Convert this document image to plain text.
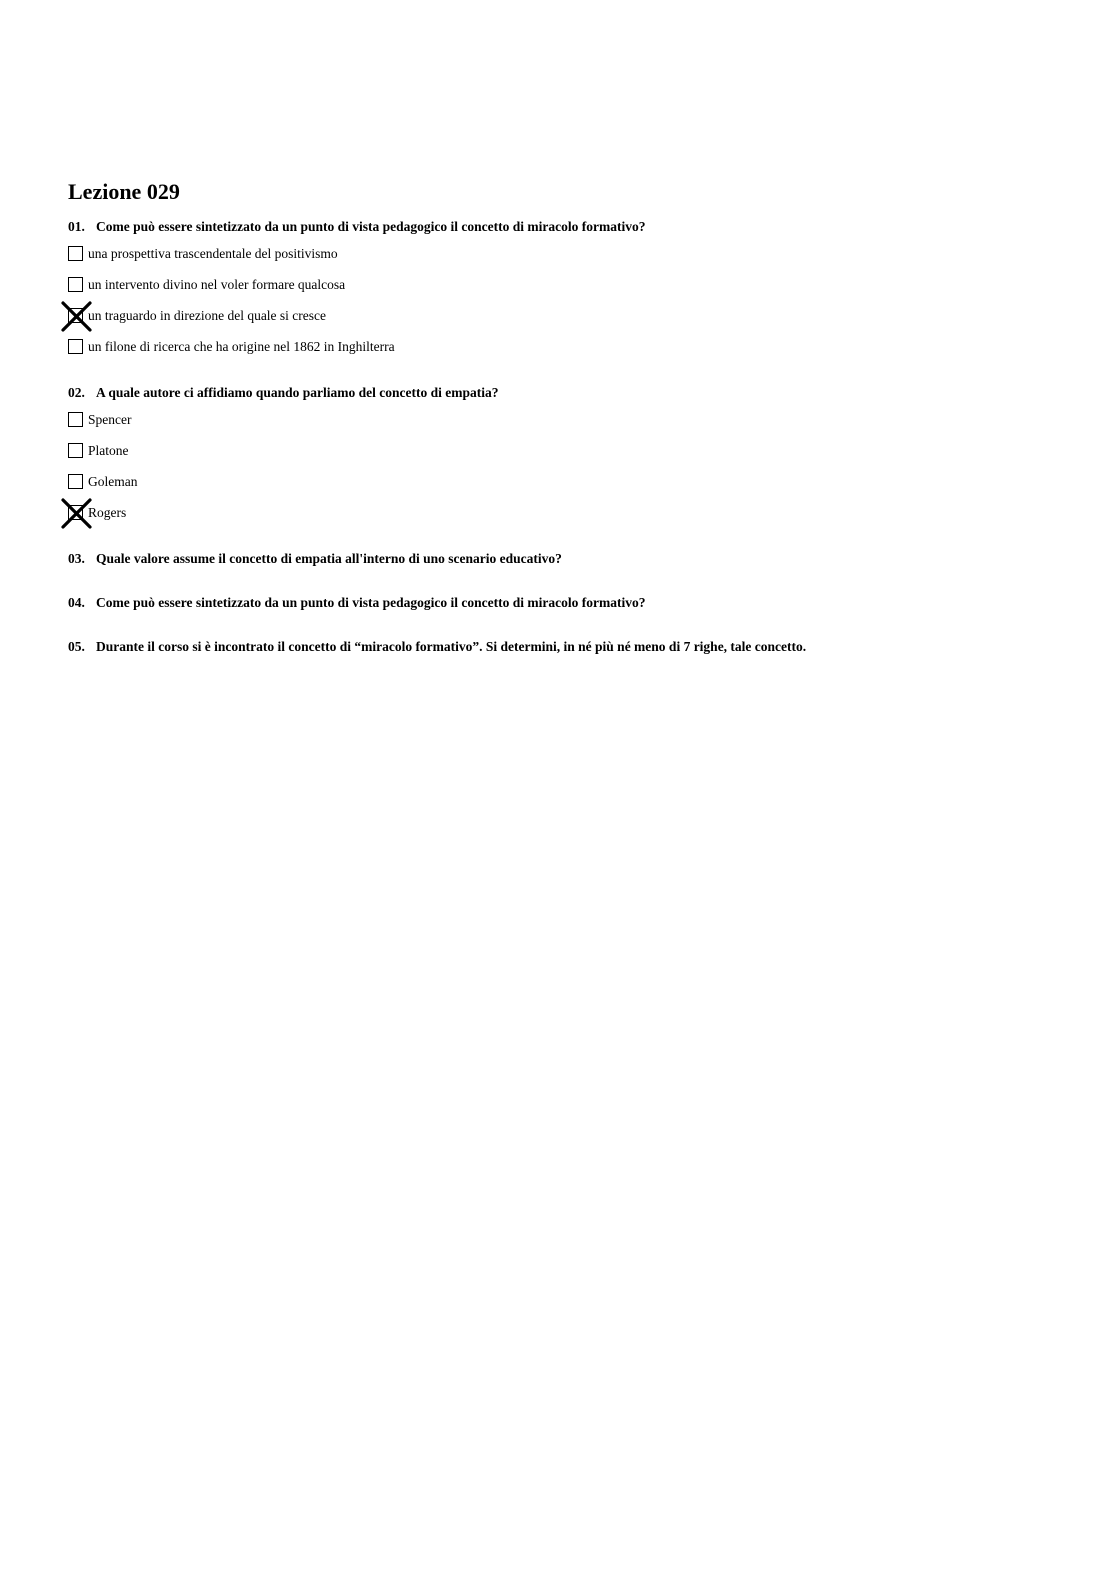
Lezione 029
01. Come può essere sintetizzato da un punto di vista pedagogico il concetto di miracolo formativo?
una prospettiva trascendentale del positivismo
un intervento divino nel voler formare qualcosa
un traguardo in direzione del quale si cresce
un filone di ricerca che ha origine nel 1862 in Inghilterra
02. A quale autore ci affidiamo quando parliamo del concetto di empatia?
Spencer
Platone
Goleman
Rogers
03. Quale valore assume il concetto di empatia all'interno di uno scenario educativo?
04. Come può essere sintetizzato da un punto di vista pedagogico il concetto di miracolo formativo?
05. Durante il corso si è incontrato il concetto di “miracolo formativo”. Si determini, in né più né meno di 7 righe, tale concetto.
